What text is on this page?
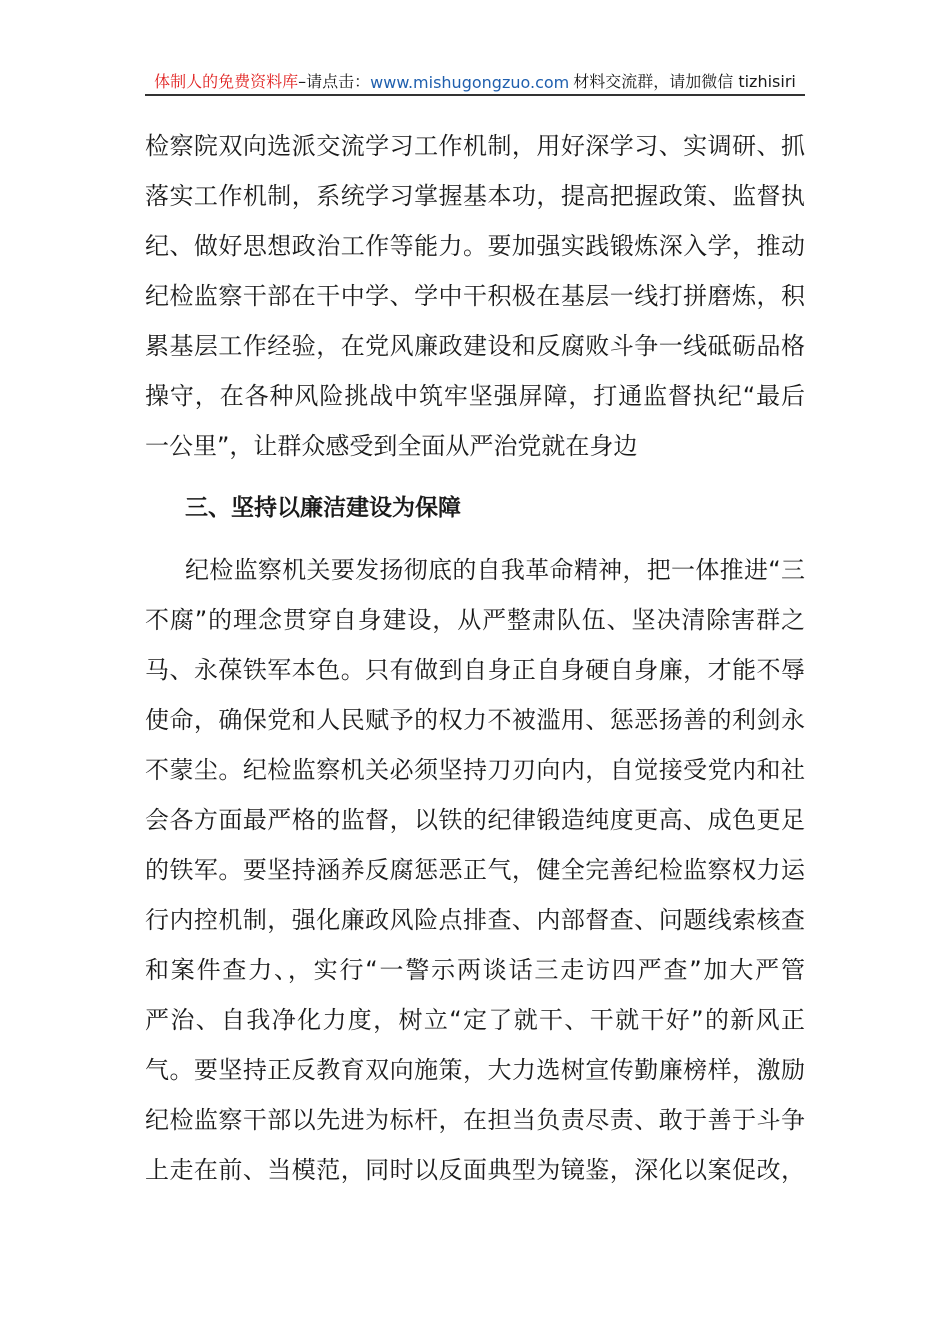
体制人的免费资料库 –请点击： www.mishugongzuo.com 材料交流群，请加微信 tizhisiri
检察院双向选派交流学习工作机制，用好深学习、实调研、抓
落实工作机制，系统学习掌握基本功，提高把握政策、监督执
纪、做好思想政治工作等能力。要加强实践锻炼深入学，推动
纪检监察干部在干中学、学中干积极在基层一线打拼磨炼，积
累基层工作经验，在党风廉政建设和反腐败斗争一线砥砺品格
操守，在各种风险挑战中筑牢坚强屏障，打通监督执纪“最后
一公里”，让群众感受到全面从严治党就在身边
三、坚持以廉洁建设为保障
纪检监察机关要发扬彻底的自我革命精神，把一体推进“三
不腐”的理念贯穿自身建设，从严整肃队伍、坚决清除害群之
马、永葆铁军本色。只有做到自身正自身硬自身廉，才能不辱
使命，确保党和人民赋予的权力不被滥用、惩恶扬善的利剑永
不蒙尘。纪检监察机关必须坚持刀刃向内，自觉接受党内和社
会各方面最严格的监督，以铁的纪律锻造纯度更高、成色更足
的铁军。要坚持涵养反腐惩恶正气，健全完善纪检监察权力运
行内控机制，强化廉政风险点排查、内部督查、问题线索核查
和案件查力、，实行“一警示两谈话三走访四严查”加大严管
严治、自我净化力度，树立“定了就干、干就干好”的新风正
气。要坚持正反教育双向施策，大力选树宣传勤廉榜样，激励
纪检监察干部以先进为标杆，在担当负责尽责、敢于善于斗争
上走在前、当模范，同时以反面典型为镜鉴，深化以案促改，
